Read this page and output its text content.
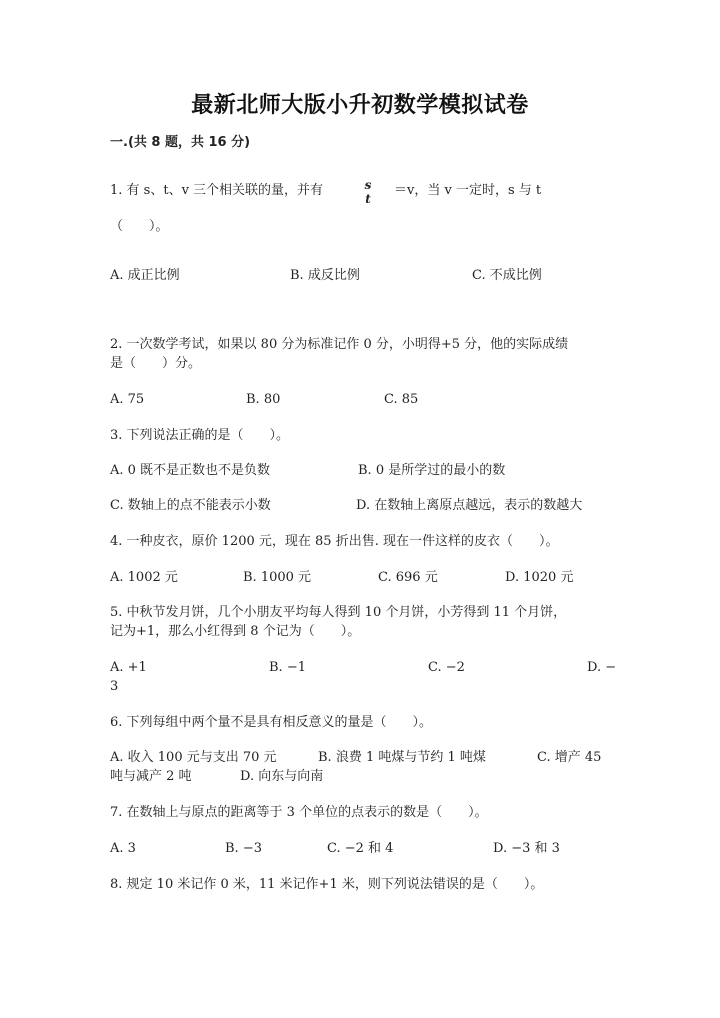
最新北师大版小升初数学模拟试卷
一.(共 8 题，共 16 分)
1. 有 s、t、v 三个相关联的量，并有	s
t
＝v，当 v 一定时，s 与 t
（　　）。
A. 成正比例	B. 成反比例	C. 不成比例
2. 一次数学考试，如果以 80 分为标准记作 0 分，小明得+5 分，他的实际成绩
是（　　）分。
A. 75	B. 80	C. 85
3. 下列说法正确的是（　　）。
A. 0 既不是正数也不是负数	B. 0 是所学过的最小的数
C. 数轴上的点不能表示小数	D. 在数轴上离原点越远，表示的数越大
4. 一种皮衣，原价 1200 元，现在 85 折出售. 现在一件这样的皮衣（　　）。
A. 1002 元	B. 1000 元	C. 696 元	D. 1020 元
5. 中秋节发月饼，几个小朋友平均每人得到 10 个月饼，小芳得到 11 个月饼，
记为+1，那么小红得到 8 个记为（　　）。
A. +1	B. −1	C. −2	D. −
3
6. 下列每组中两个量不是具有相反意义的量是（　　）。
A. 收入 100 元与支出 70 元	B. 浪费 1 吨煤与节约 1 吨煤	C. 增产 45
吨与减产 2 吨	D. 向东与向南
7. 在数轴上与原点的距离等于 3 个单位的点表示的数是（　　）。
A. 3	B. −3	C. −2 和 4	D. −3 和 3
8. 规定 10 米记作 0 米，11 米记作+1 米，则下列说法错误的是（　　）。
